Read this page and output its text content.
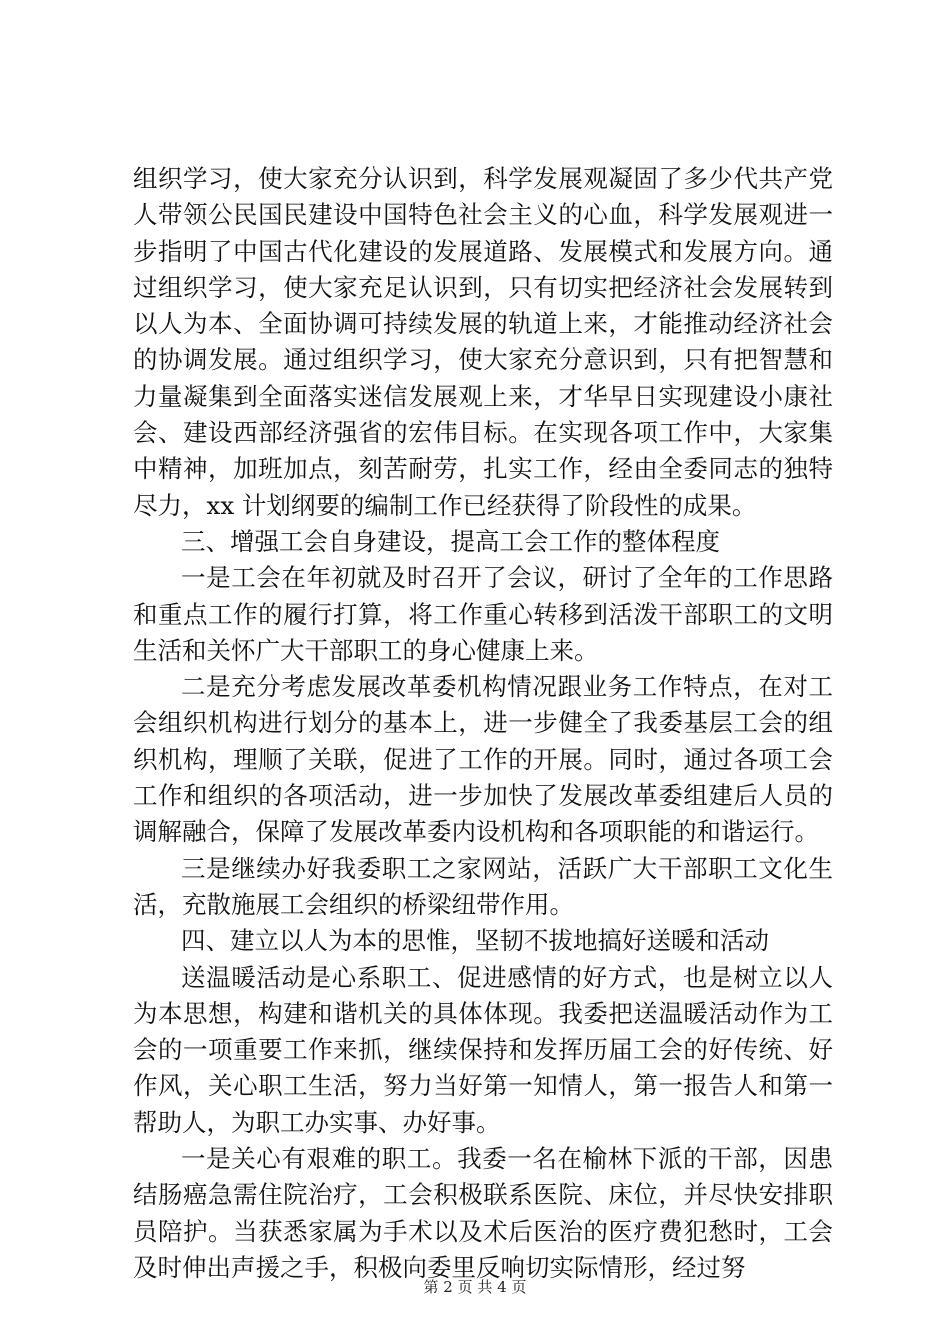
组织学习，使大家充分认识到，科学发展观凝固了多少代共产党人带领公民国民建设中国特色社会主义的心血，科学发展观进一步指明了中国古代化建设的发展道路、发展模式和发展方向。通过组织学习，使大家充足认识到，只有切实把经济社会发展转到以人为本、全面协调可持续发展的轨道上来，才能推动经济社会的协调发展。通过组织学习，使大家充分意识到，只有把智慧和力量凝集到全面落实迷信发展观上来，才华早日实现建设小康社会、建设西部经济强省的宏伟目标。在实现各项工作中，大家集中精神，加班加点，刻苦耐劳，扎实工作，经由全委同志的独特尽力，xx 计划纲要的编制工作已经获得了阶段性的成果。

三、增强工会自身建设，提高工会工作的整体程度

一是工会在年初就及时召开了会议，研讨了全年的工作思路和重点工作的履行打算，将工作重心转移到活泼干部职工的文明生活和关怀广大干部职工的身心健康上来。

二是充分考虑发展改革委机构情况跟业务工作特点，在对工会组织机构进行划分的基本上，进一步健全了我委基层工会的组织机构，理顺了关联，促进了工作的开展。同时，通过各项工会工作和组织的各项活动，进一步加快了发展改革委组建后人员的调解融合，保障了发展改革委内设机构和各项职能的和谐运行。

三是继续办好我委职工之家网站，活跃广大干部职工文化生活，充散施展工会组织的桥梁纽带作用。

四、建立以人为本的思惟，坚韧不拔地搞好送暖和活动

送温暖活动是心系职工、促进感情的好方式，也是树立以人为本思想，构建和谐机关的具体体现。我委把送温暖活动作为工会的一项重要工作来抓，继续保持和发挥历届工会的好传统、好作风，关心职工生活，努力当好第一知情人，第一报告人和第一帮助人，为职工办实事、办好事。

一是关心有艰难的职工。我委一名在榆林下派的干部，因患结肠癌急需住院治疗，工会积极联系医院、床位，并尽快安排职员陪护。当获悉家属为手术以及术后医治的医疗费犯愁时，工会及时伸出声援之手，积极向委里反响切实际情形，经过努

第 2 页 共 4 页
